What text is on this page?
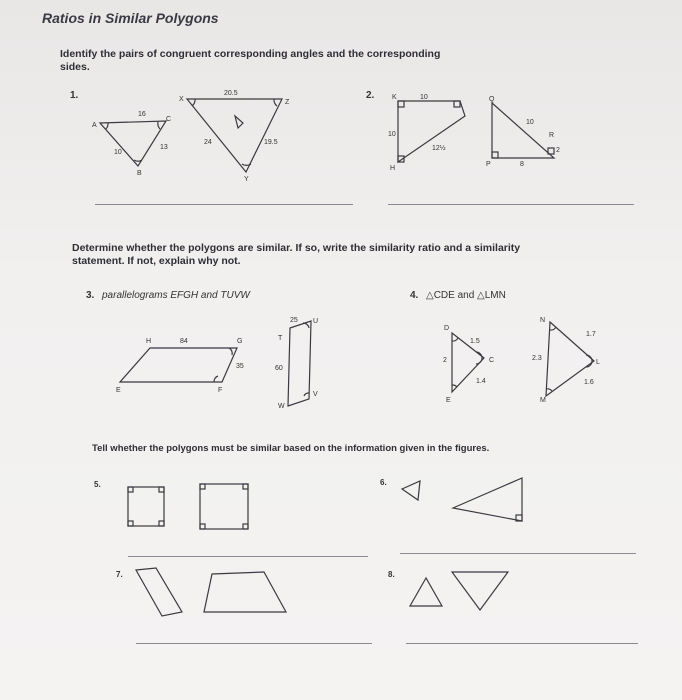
Ratios in Similar Polygons
Identify the pairs of congruent corresponding angles and the corresponding sides.
1.	2.
Determine whether the polygons are similar. If so, write the similarity ratio and a similarity statement. If not, explain why not.
3. parallelograms EFGH and TUVW	4. △CDE and △LMN
Tell whether the polygons must be similar based on the information given in the figures.
5.	6.
7.	8.
A
C
B
16
10
13
X	Z
Y
20.5
24	19.5
K
H
10
10
12½
Q
R
P
10
8
2
H	84	G
35
E	F
T
25 U
60
V
W
D
1.5
2	C
1.4
E
N
1.7
2.3
L
1.6
M
